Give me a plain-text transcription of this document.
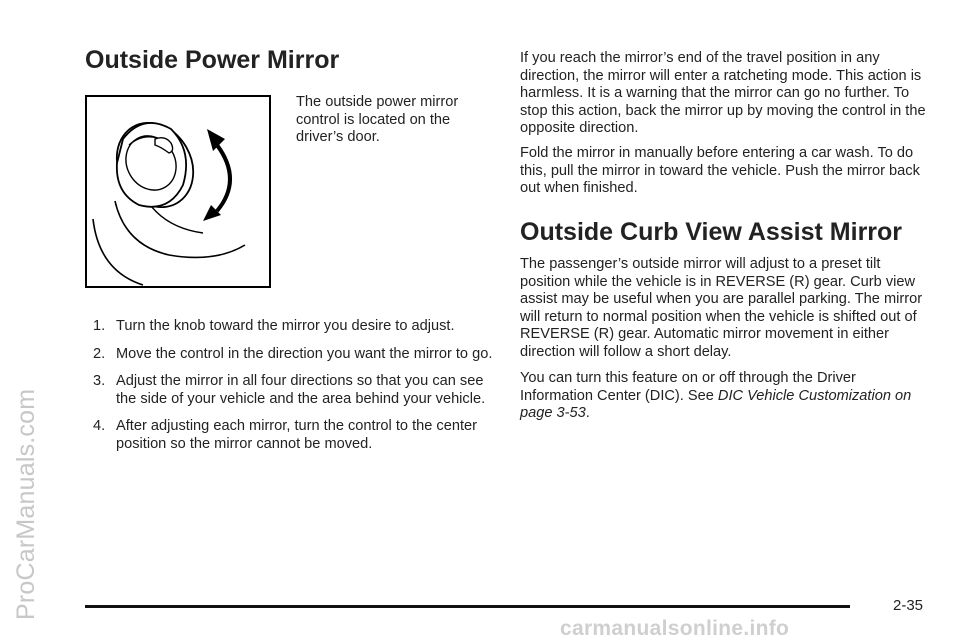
ProCarManuals.com
Outside Power Mirror

The outside power mirror control is located on the driver’s door.

1. Turn the knob toward the mirror you desire to adjust.
2. Move the control in the direction you want the mirror to go.
3. Adjust the mirror in all four directions so that you can see the side of your vehicle and the area behind your vehicle.
4. After adjusting each mirror, turn the control to the center position so the mirror cannot be moved.

If you reach the mirror’s end of the travel position in any direction, the mirror will enter a ratcheting mode. This action is harmless. It is a warning that the mirror can go no further. To stop this action, back the mirror up by moving the control in the opposite direction.

Fold the mirror in manually before entering a car wash. To do this, pull the mirror in toward the vehicle. Push the mirror back out when finished.

Outside Curb View Assist Mirror

The passenger’s outside mirror will adjust to a preset tilt position while the vehicle is in REVERSE (R) gear. Curb view assist may be useful when you are parallel parking. The mirror will return to normal position when the vehicle is shifted out of REVERSE (R) gear. Automatic mirror movement in either direction will follow a short delay.

You can turn this feature on or off through the Driver Information Center (DIC). See DIC Vehicle Customization on page 3-53.

2-35
carmanualsonline.info
